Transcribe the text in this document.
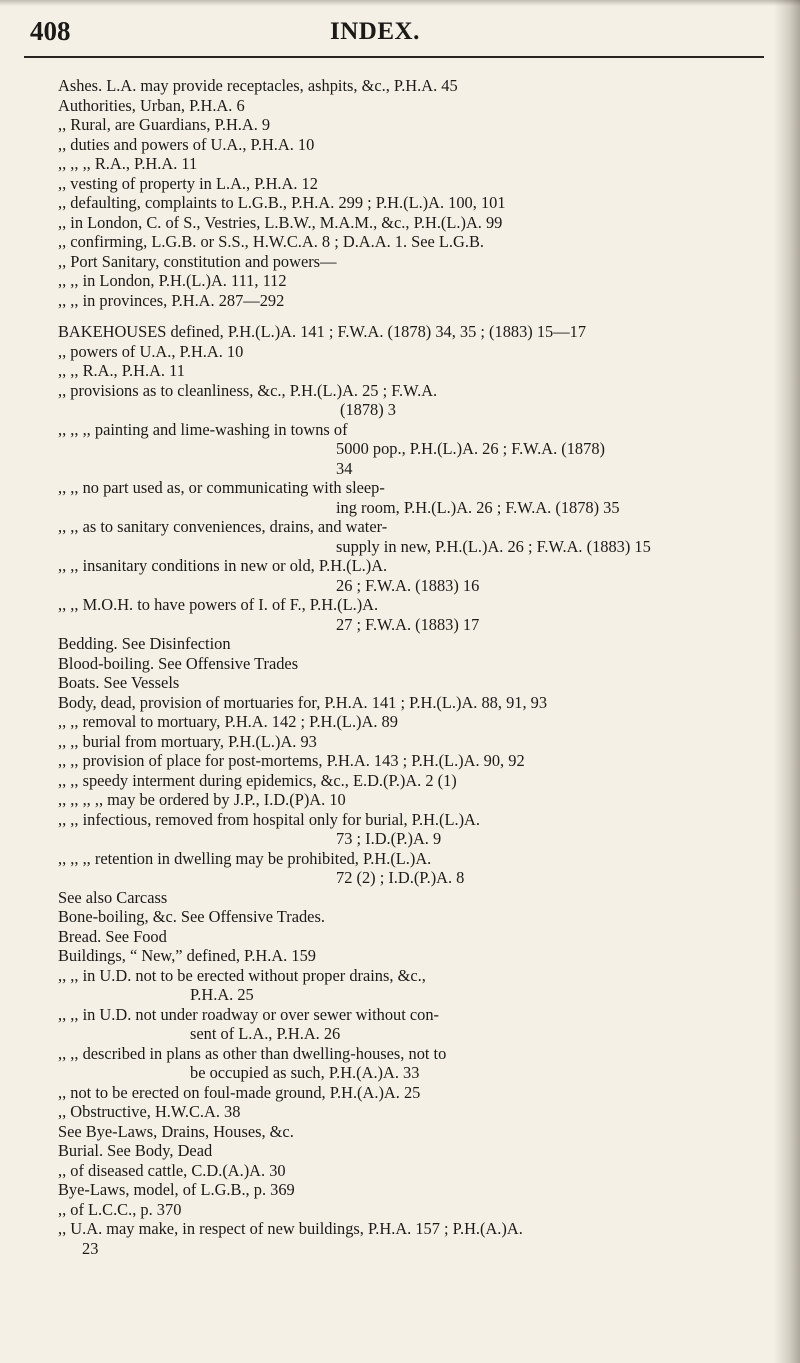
408	INDEX.
Ashes. L.A. may provide receptacles, ashpits, &c., P.H.A. 45
Authorities, Urban, P.H.A. 6
,, Rural, are Guardians, P.H.A. 9
,, duties and powers of U.A., P.H.A. 10
,, ,, ,, R.A., P.H.A. 11
,, vesting of property in L.A., P.H.A. 12
,, defaulting, complaints to L.G.B., P.H.A. 299 ; P.H.(L.)A. 100, 101
,, in London, C. of S., Vestries, L.B.W., M.A.M., &c., P.H.(L.)A. 99
,, confirming, L.G.B. or S.S., H.W.C.A. 8 ; D.A.A. 1. See L.G.B.
,, Port Sanitary, constitution and powers—
,, ,, in London, P.H.(L.)A. 111, 112
,, ,, in provinces, P.H.A. 287—292
BAKEHOUSES defined, P.H.(L.)A. 141 ; F.W.A. (1878) 34, 35 ; (1883) 15—17
,, powers of U.A., P.H.A. 10
,, ,, R.A., P.H.A. 11
,, provisions as to cleanliness, &c., P.H.(L.)A. 25 ; F.W.A.
(1878) 3
,, ,, ,, painting and lime-washing in towns of
5000 pop., P.H.(L.)A. 26 ; F.W.A. (1878)
34
,, ,, no part used as, or communicating with sleep-
ing room, P.H.(L.)A. 26 ; F.W.A. (1878) 35
,, ,, as to sanitary conveniences, drains, and water-
supply in new, P.H.(L.)A. 26 ; F.W.A. (1883) 15
,, ,, insanitary conditions in new or old, P.H.(L.)A.
26 ; F.W.A. (1883) 16
,, ,, M.O.H. to have powers of I. of F., P.H.(L.)A.
27 ; F.W.A. (1883) 17
Bedding. See Disinfection
Blood-boiling. See Offensive Trades
Boats. See Vessels
Body, dead, provision of mortuaries for, P.H.A. 141 ; P.H.(L.)A. 88, 91, 93
,, ,, removal to mortuary, P.H.A. 142 ; P.H.(L.)A. 89
,, ,, burial from mortuary, P.H.(L.)A. 93
,, ,, provision of place for post-mortems, P.H.A. 143 ; P.H.(L.)A. 90, 92
,, ,, speedy interment during epidemics, &c., E.D.(P.)A. 2 (1)
,, ,, ,, ,, may be ordered by J.P., I.D.(P)A. 10
,, ,, infectious, removed from hospital only for burial, P.H.(L.)A.
73 ; I.D.(P.)A. 9
,, ,, ,, retention in dwelling may be prohibited, P.H.(L.)A.
72 (2) ; I.D.(P.)A. 8
See also Carcass
Bone-boiling, &c. See Offensive Trades.
Bread. See Food
Buildings, “ New,” defined, P.H.A. 159
,, ,, in U.D. not to be erected without proper drains, &c.,
P.H.A. 25
,, ,, in U.D. not under roadway or over sewer without con-
sent of L.A., P.H.A. 26
,, ,, described in plans as other than dwelling-houses, not to
be occupied as such, P.H.(A.)A. 33
,, not to be erected on foul-made ground, P.H.(A.)A. 25
,, Obstructive, H.W.C.A. 38
See Bye-Laws, Drains, Houses, &c.
Burial. See Body, Dead
,, of diseased cattle, C.D.(A.)A. 30
Bye-Laws, model, of L.G.B., p. 369
,, of L.C.C., p. 370
,, U.A. may make, in respect of new buildings, P.H.A. 157 ; P.H.(A.)A.
23
